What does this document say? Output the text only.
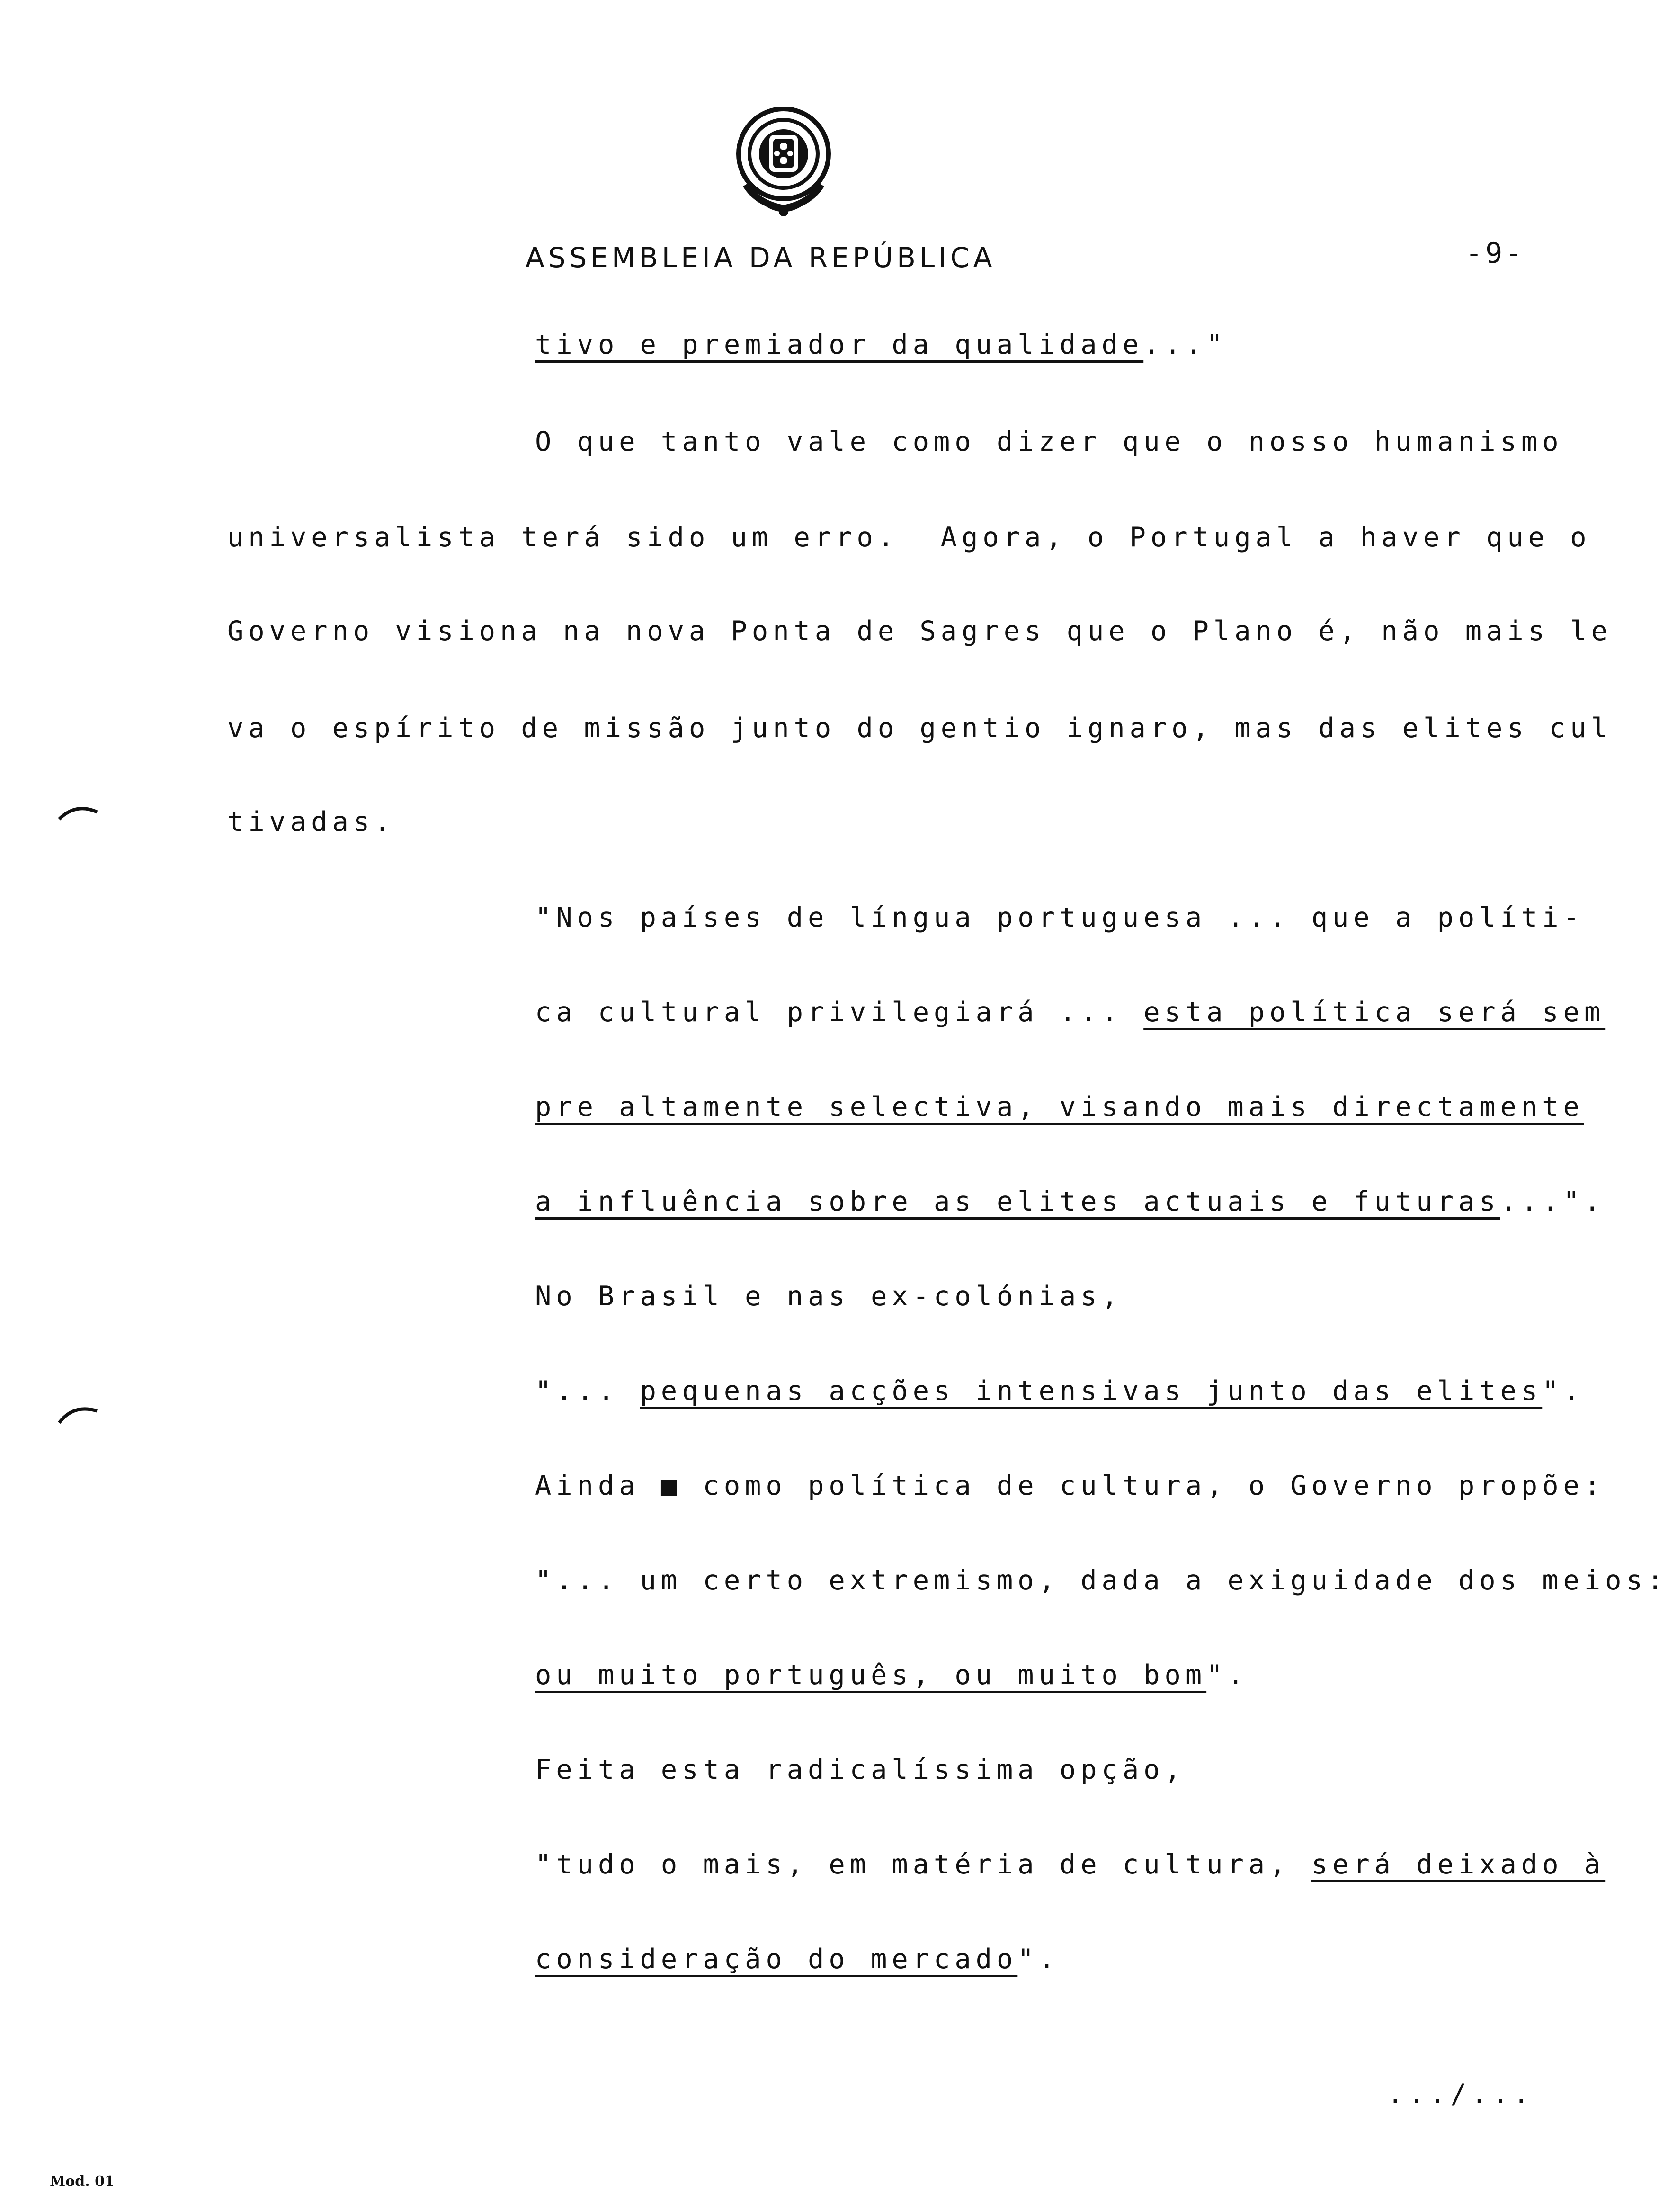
ASSEMBLEIA DA REPÚBLICA	-9-
tivo e premiador da qualidade..."
O que tanto vale como dizer que o nosso humanismo
universalista terá sido um erro.  Agora, o Portugal a haver que o
Governo visiona na nova Ponta de Sagres que o Plano é, não mais le
va o espírito de missão junto do gentio ignaro, mas das elites cul
tivadas.
"Nos países de língua portuguesa ... que a políti-
ca cultural privilegiará ... esta política será sem
pre altamente selectiva, visando mais directamente
a influência sobre as elites actuais e futuras...".
No Brasil e nas ex-colónias,
"... pequenas acções intensivas junto das elites".
Ainda ■ como política de cultura, o Governo propõe:
"... um certo extremismo, dada a exiguidade dos meios:
ou muito português, ou muito bom".
Feita esta radicalíssima opção,
"tudo o mais, em matéria de cultura, será deixado à
consideração do mercado".
.../...
Mod. 01
